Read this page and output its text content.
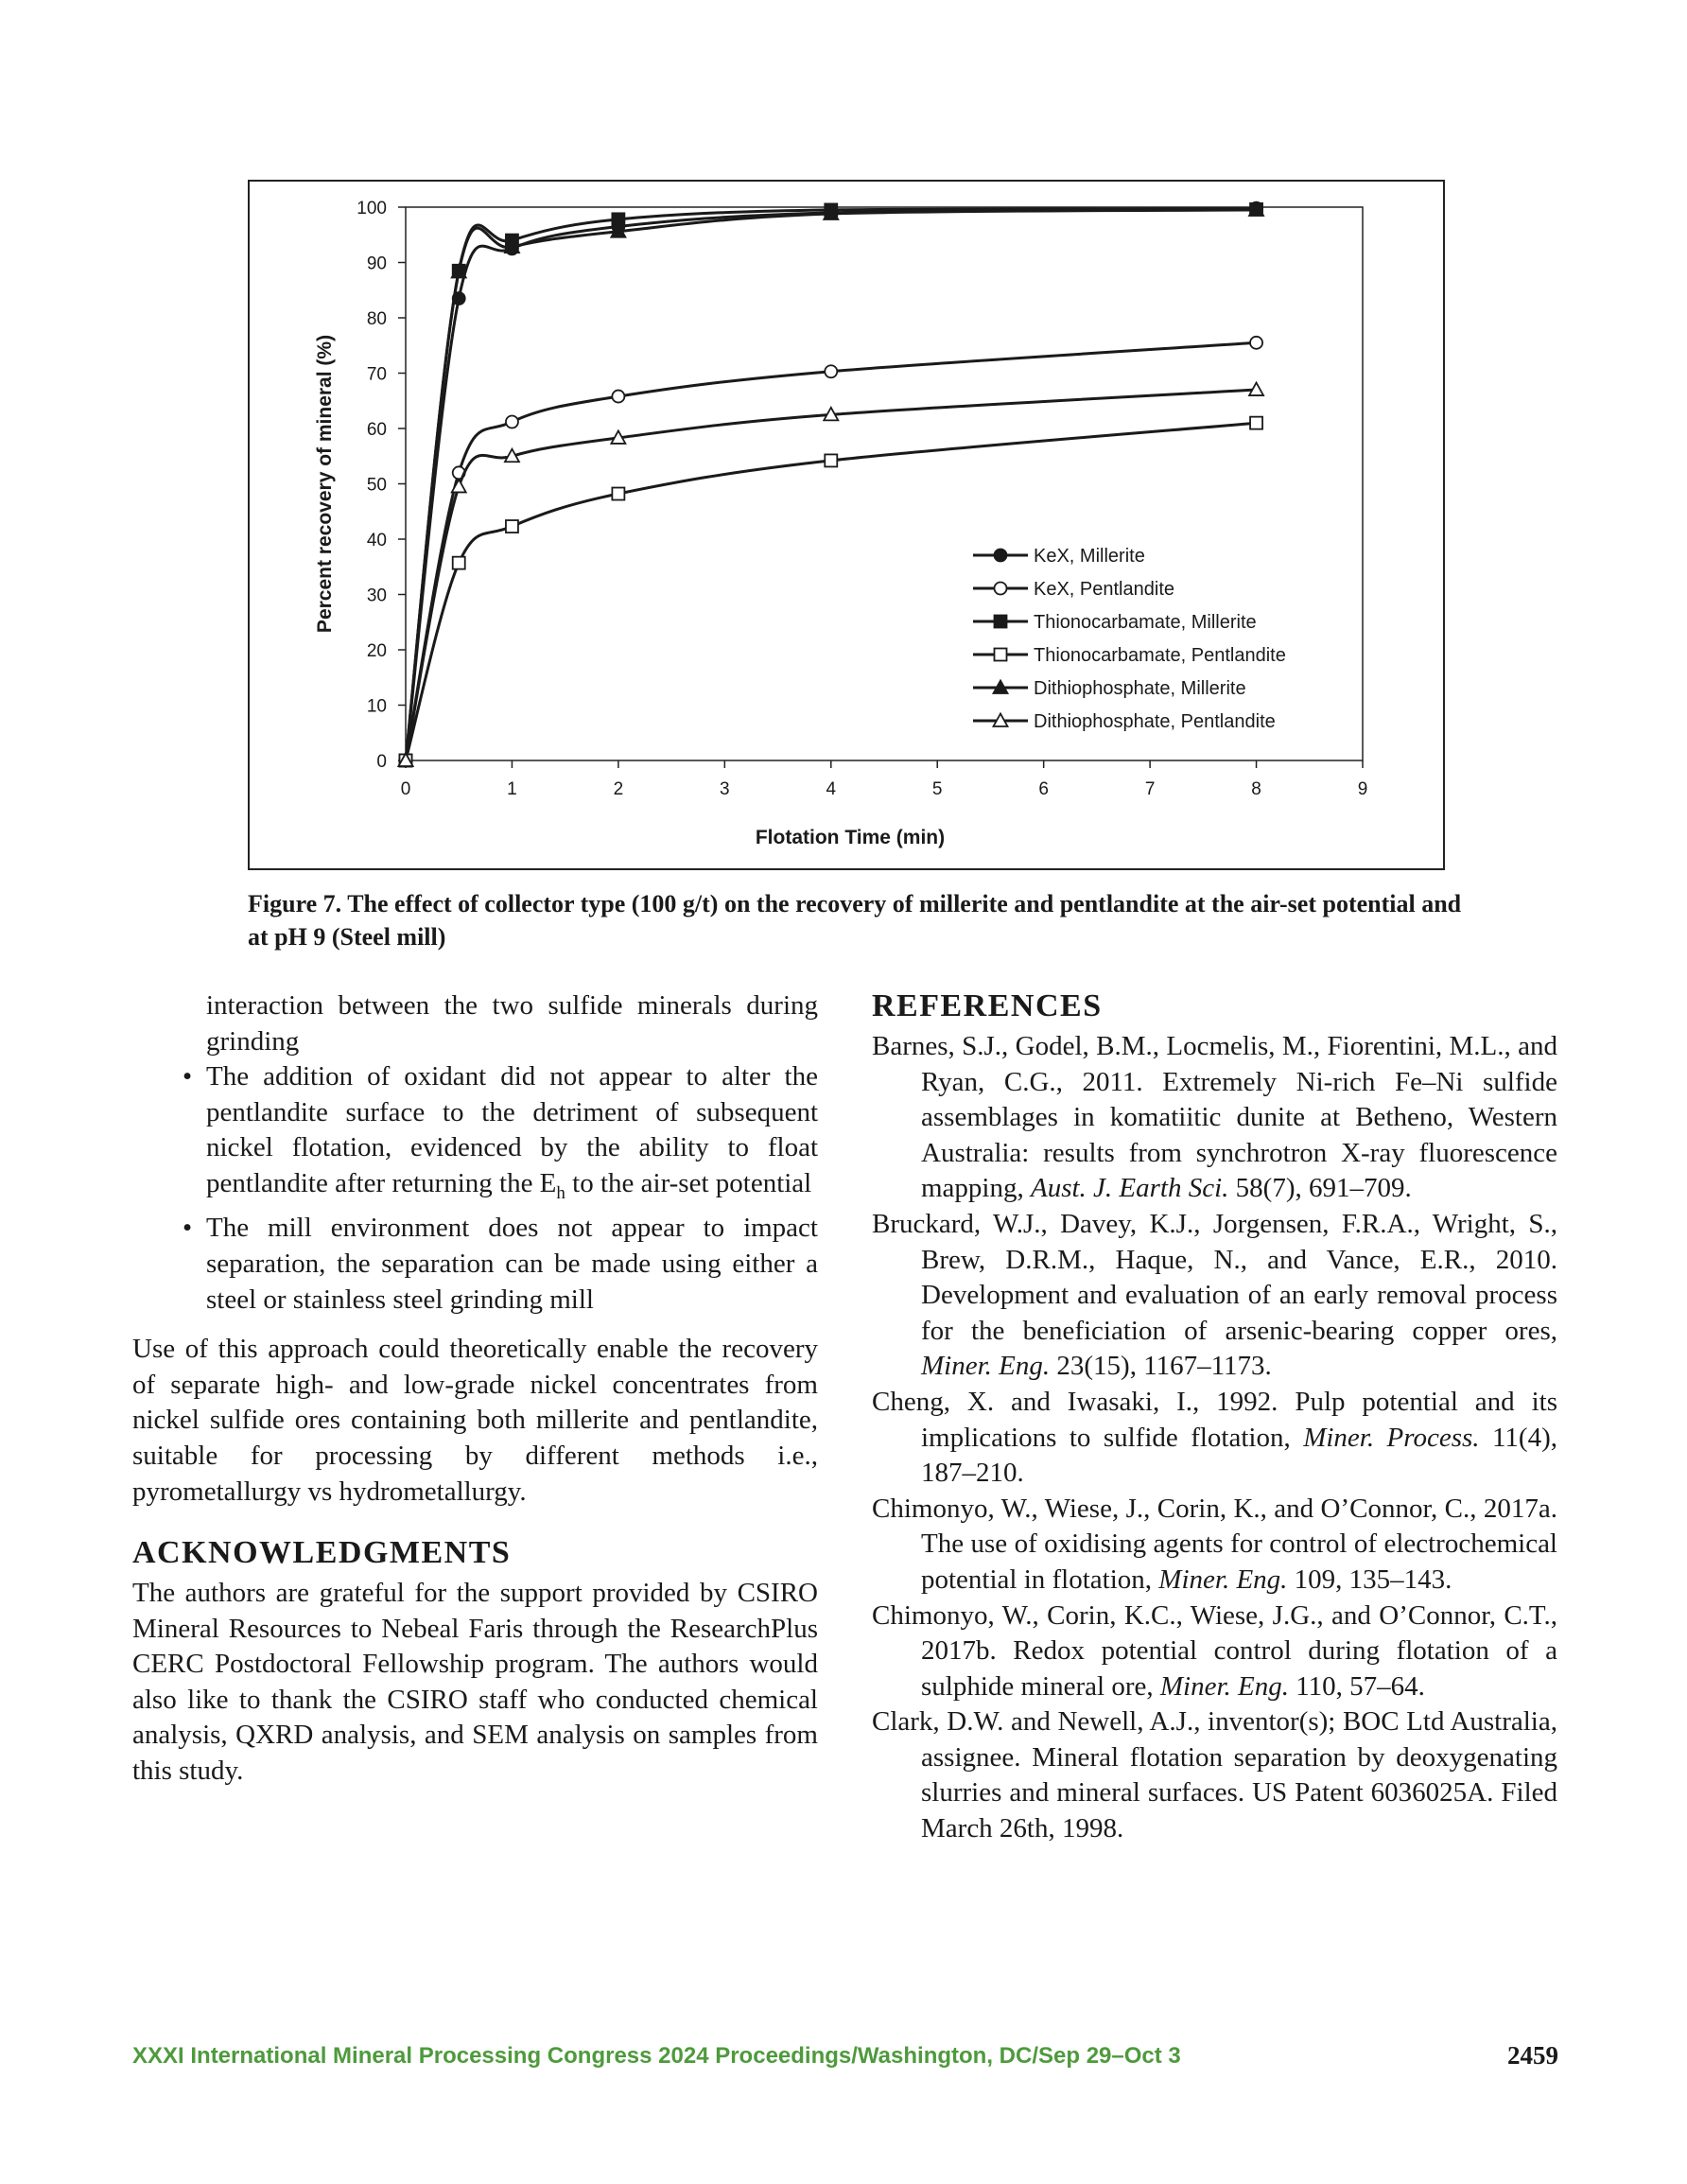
0
10
20
30
40
50
60
70
80
90
100
0	1	2	3	4	5	6	7	8	9
Flotation Time (min)
Percent recovery of mineral (%)	KeX, Millerite
KeX, Pentlandite
Thionocarbamate, Millerite
Thionocarbamate, Pentlandite
Dithiophosphate, Millerite
Dithiophosphate, Pentlandite
Figure 7. The effect of collector type (100 g/t) on the recovery of millerite and pentlandite at the air-set potential and at pH 9 (Steel mill)
interaction between the two sulfide minerals during grinding
• The addition of oxidant did not appear to alter the pentlandite surface to the detriment of subsequent nickel flotation, evidenced by the ability to float pentlandite after returning the $E_h$ to the air-set potential
• The mill environment does not appear to impact separation, the separation can be made using either a steel or stainless steel grinding mill
Use of this approach could theoretically enable the recovery of separate high- and low-grade nickel concentrates from nickel sulfide ores containing both millerite and pentlandite, suitable for processing by different methods i.e., pyrometallurgy vs hydrometallurgy.
ACKNOWLEDGMENTS
The authors are grateful for the support provided by CSIRO Mineral Resources to Nebeal Faris through the ResearchPlus CERC Postdoctoral Fellowship program. The authors would also like to thank the CSIRO staff who conducted chemical analysis, QXRD analysis, and SEM analysis on samples from this study.
REFERENCES
Barnes, S.J., Godel, B.M., Locmelis, M., Fiorentini, M.L., and Ryan, C.G., 2011. Extremely Ni-rich Fe–Ni sulfide assemblages in komatiitic dunite at Betheno, Western Australia: results from synchrotron X-ray fluorescence mapping, Aust. J. Earth Sci. 58(7), 691–709.
Bruckard, W.J., Davey, K.J., Jorgensen, F.R.A., Wright, S., Brew, D.R.M., Haque, N., and Vance, E.R., 2010. Development and evaluation of an early removal process for the beneficiation of arsenic-bearing copper ores, Miner. Eng. 23(15), 1167–1173.
Cheng, X. and Iwasaki, I., 1992. Pulp potential and its implications to sulfide flotation, Miner. Process. 11(4), 187–210.
Chimonyo, W., Wiese, J., Corin, K., and O’Connor, C., 2017a. The use of oxidising agents for control of electrochemical potential in flotation, Miner. Eng. 109, 135–143.
Chimonyo, W., Corin, K.C., Wiese, J.G., and O’Connor, C.T., 2017b. Redox potential control during flotation of a sulphide mineral ore, Miner. Eng. 110, 57–64.
Clark, D.W. and Newell, A.J., inventor(s); BOC Ltd Australia, assignee. Mineral flotation separation by deoxygenating slurries and mineral surfaces. US Patent 6036025A. Filed March 26th, 1998.
XXXI International Mineral Processing Congress 2024 Proceedings/Washington, DC/Sep 29–Oct 3	2459
